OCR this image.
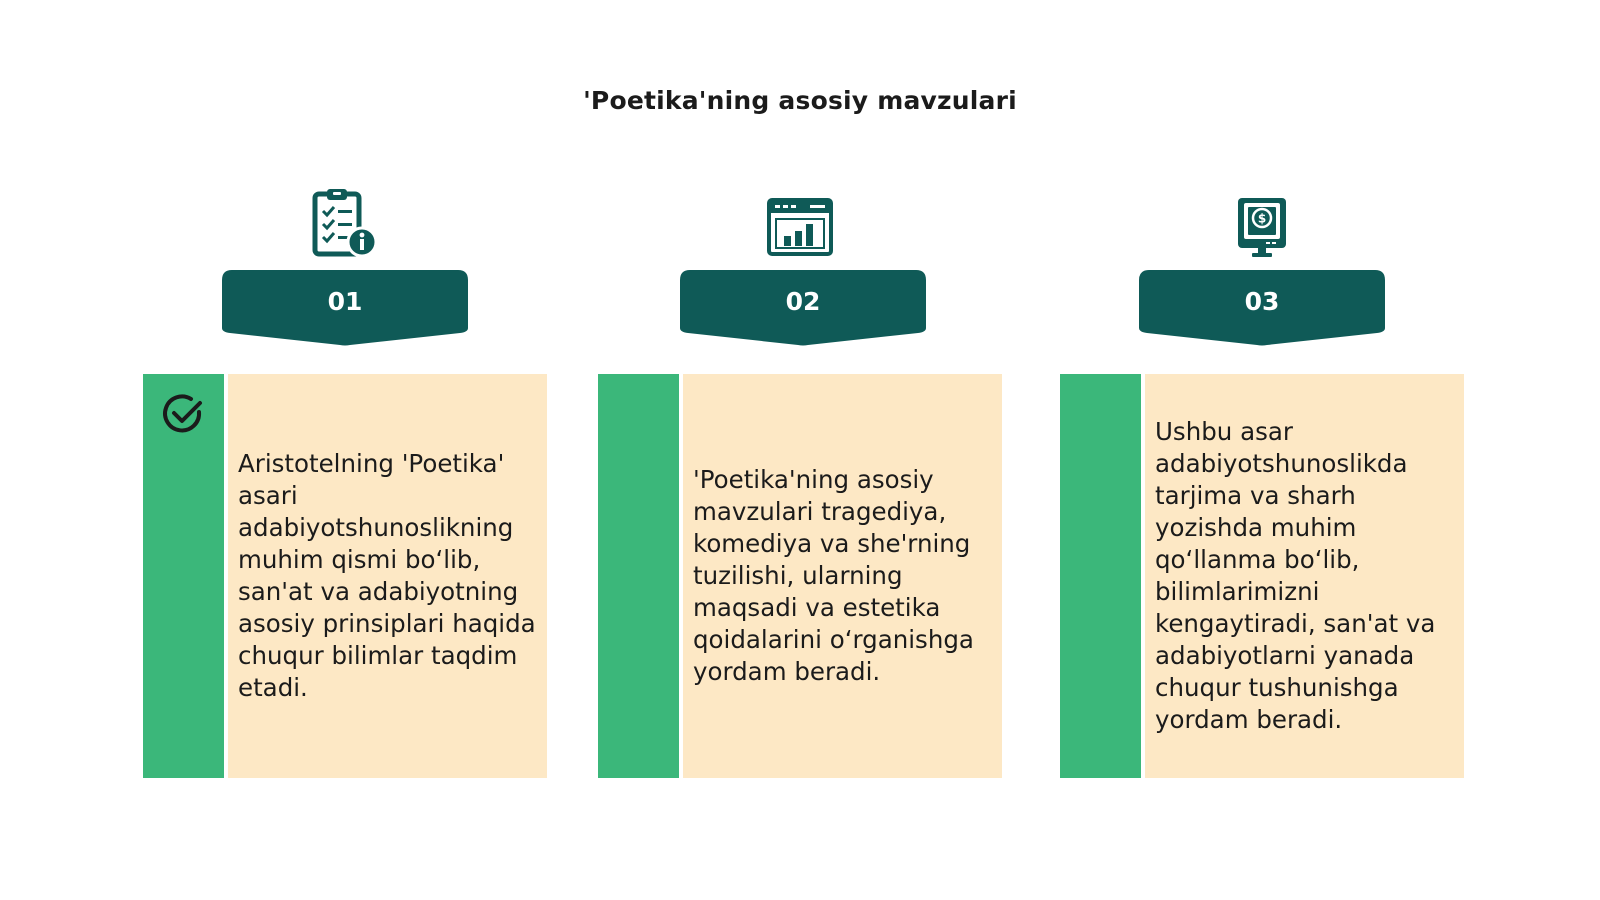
'Poetika'ning asosiy mavzulari
01
Aristotelning 'Poetika' asari adabiyotshunoslikning muhim qismi bo‘lib, san'at va adabiyotning asosiy prinsiplari haqida chuqur bilimlar taqdim etadi.
02
'Poetika'ning asosiy mavzulari tragediya, komediya va she'rning tuzilishi, ularning maqsadi va estetika qoidalarini o‘rganishga yordam beradi.
$
03
Ushbu asar adabiyotshunoslikda tarjima va sharh yozishda muhim qo‘llanma bo‘lib, bilimlarimizni kengaytiradi, san'at va adabiyotlarni yanada chuqur tushunishga yordam beradi.
